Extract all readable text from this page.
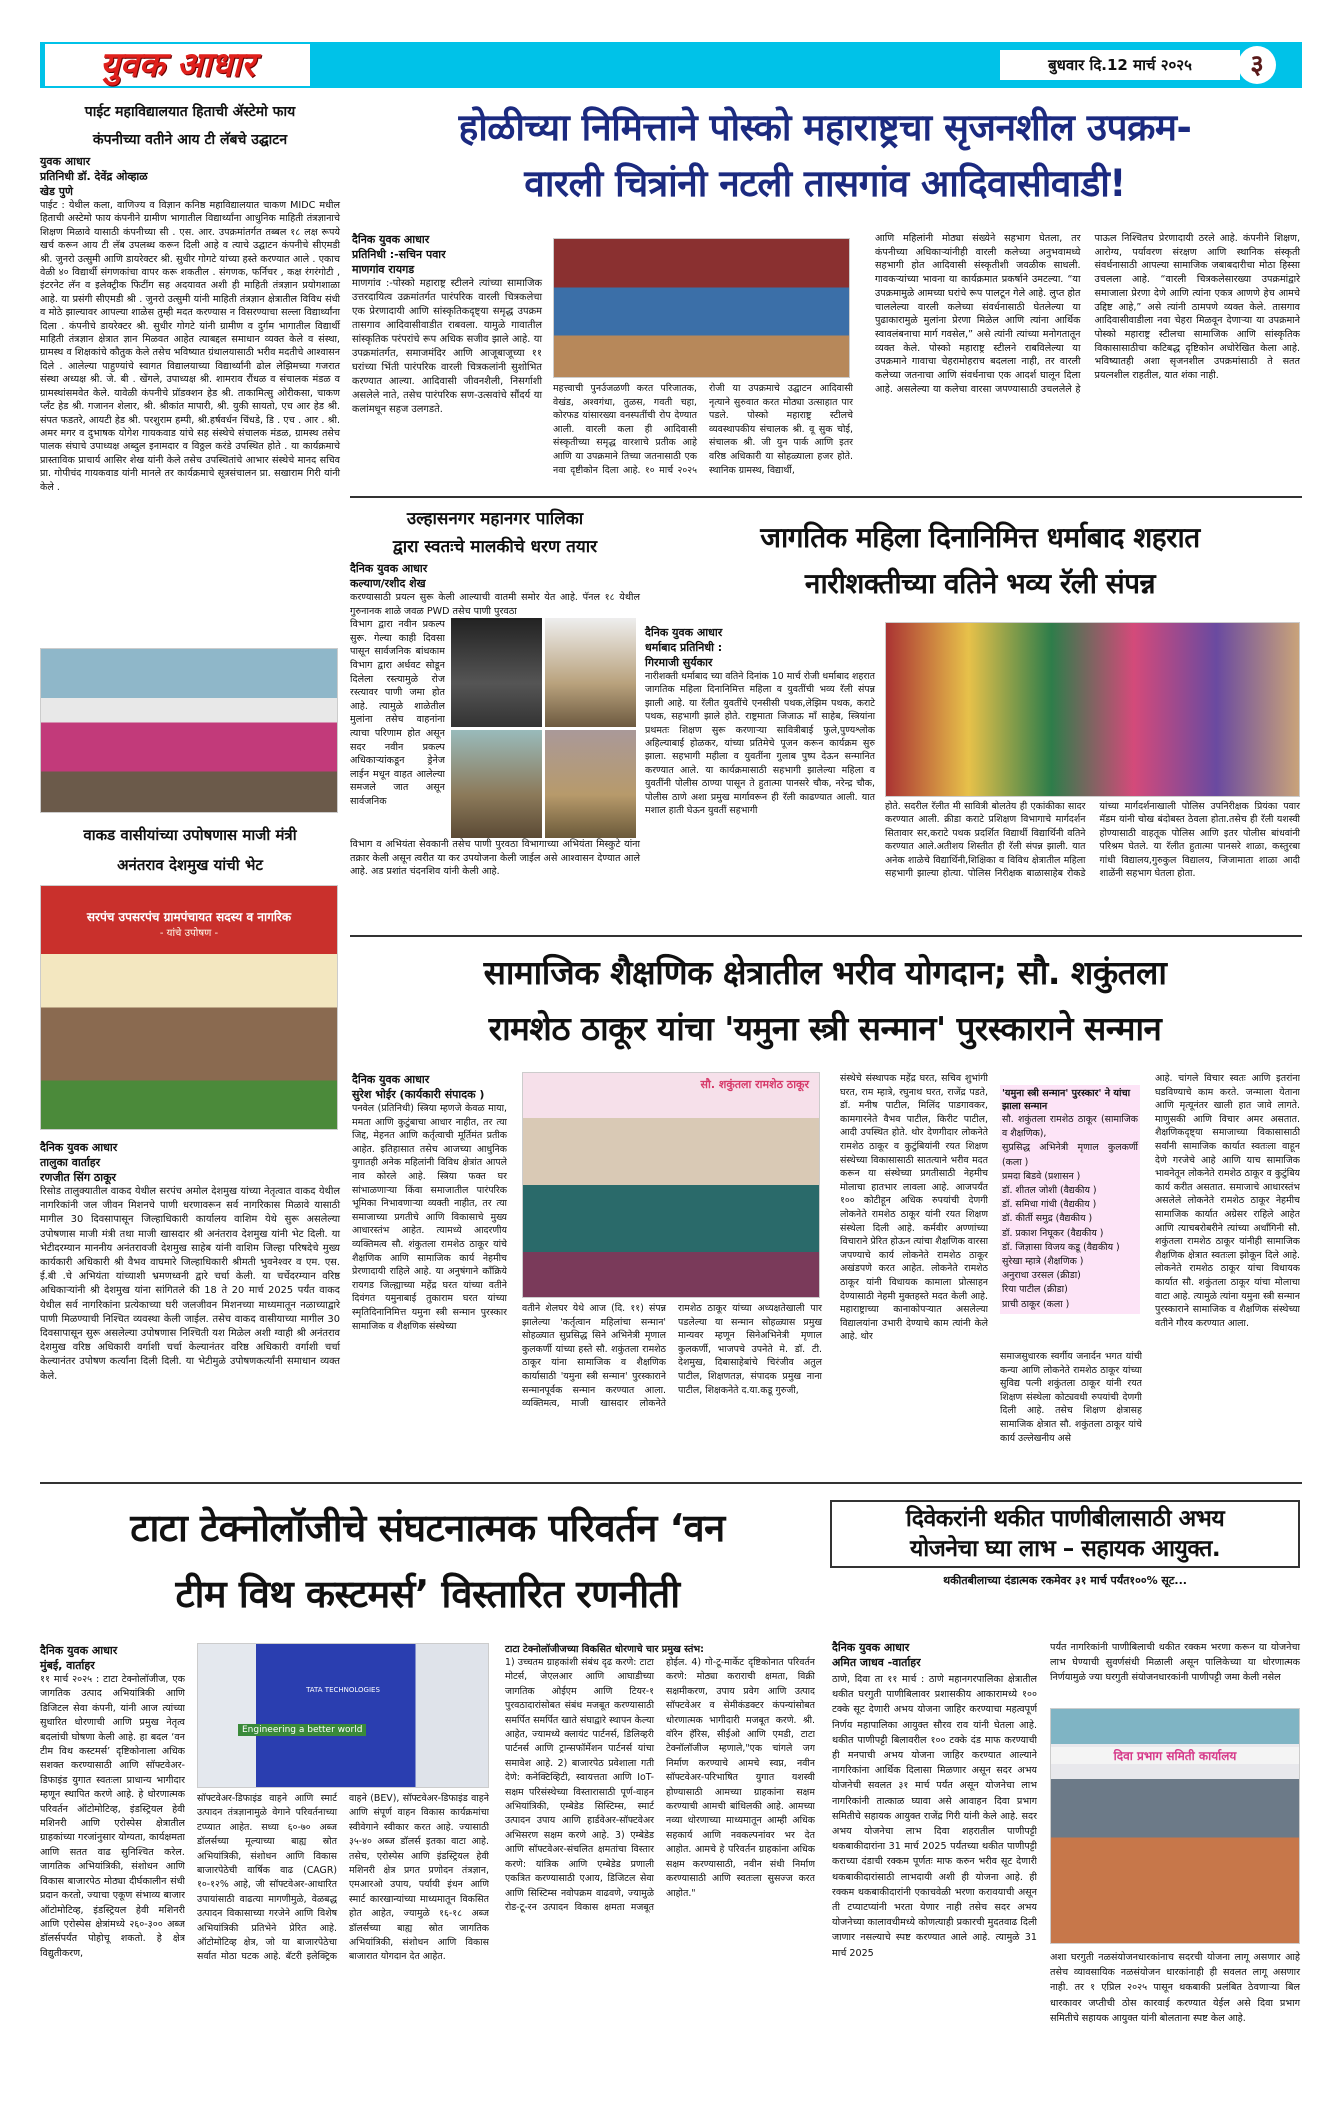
युवक आधार	बुधवार दि.12 मार्च २०२५	३
पाईट महाविद्यालयात हिताची ॲस्टेमो फाय
कंपनीच्या वतीने आय टी लॅबचे उद्घाटन
युवक आधार
प्रतिनिधी डॉ. देवेंद्र ओव्हाळ
खेड पुणे
पाईट : येथील कला, वाणिज्य व विज्ञान कनिष्ठ महाविद्यालयात चाकण MIDC मधील हिताची अस्टेमो फाय कंपनीने ग्रामीण भागातील विद्यार्थ्यांना आधुनिक माहिती तंत्रज्ञानाचे शिक्षण मिळावे यासाठी कंपनीच्या सी . एस. आर. उपक्रमांतर्गत तब्बल १८ लक्ष रूपये खर्च करून आय टी लॅब उपलब्ध करून दिली आहे व त्याचे उद्घाटन कंपनीचे सीएमडी श्री. जुनरो उत्सुमी आणि डायरेक्टर श्री. सुधीर गोगटे यांच्या हस्ते करण्यात आले . एकाच वेळी ४० विद्यार्थी संगणकांचा वापर करू शकतील . संगणक, फर्निचर , कक्ष रंगरंगोटी , इंटरनेट लॅन व इलेक्ट्रीक फिटींग सह अदयावत अशी ही माहिती तंत्रज्ञान प्रयोगशाळा आहे. या प्रसंगी सीएमडी श्री . जुनरो उत्सुमी यांनी माहिती तंत्रज्ञान क्षेत्रातील विविध संधी व मोठे झाल्यावर आपल्या शाळेस तुम्ही मदत करण्यास न विसरण्याचा सल्ला विद्यार्थ्यांना दिला . कंपनीचे डायरेक्टर श्री. सुधीर गोगटे यांनी ग्रामीण व दुर्गम भागातील विद्यार्थी माहिती तंत्रज्ञान क्षेत्रात ज्ञान मिळवत आहेत त्याबद्दल समाधान व्यक्त केले व संस्था, ग्रामस्थ व शिक्षकांचे कौतुक केले तसेच भविष्यात ग्रंथालयासाठी भरीव मदतीचे आश्वासन दिले . आलेल्या पाहुण्यांचे स्वागत विद्यालयाच्या विद्यार्थ्यांनी ढोल लेझिमच्या गजरात संस्था अध्यक्ष श्री. जे. बी . खेंगले, उपाध्यक्ष श्री. शामराव रौंधळ व संचालक मंडळ व ग्रामस्थांसमवेत केले. यावेळी कंपनीचे प्रॉडक्शन हेड श्री. ताकामित्सु ओरीकसा, चाकण प्लॅंट हेड श्री. गजानन शेलार, श्री. श्रीकांत मापारी, श्री. युकी सायतो, एच आर हेड श्री. संपत फडतरे, आयटी हेड श्री. परशुराम हम्पी, श्री.हर्षवर्धन चिंधडे, डि . एच . आर . श्री. अमर मगर व दुभाषक योगेश गायकवाड यांचे सह संस्थेचे संचालक मंडळ, ग्रामस्थ तसेच पालक संघाचे उपाध्यक्ष अब्दुल इनामदार व विठ्ठल करंडे उपस्थित होते . या कार्यक्रमाचे प्रास्ताविक प्राचार्य आसिर शेख यांनी केले तसेच उपस्थितांचे आभार संस्थेचे मानद सचिव प्रा. गोपीचंद गायकवाड यांनी मानले तर कार्यक्रमाचे सूत्रसंचालन प्रा. सखाराम गिरी यांनी केले .
वाकड वासीयांच्या उपोषणास माजी मंत्री
अनंतराव देशमुख यांची भेट
सरपंच उपसरपंच ग्रामपंचायत सदस्य व नागरिक
- यांचे उपोषण -
दैनिक युवक आधार
तालुका वार्ताहर
रणजीत सिंग ठाकूर
रिसोड तालुक्यातील वाकद येथील सरपंच अमोल देशमुख यांच्या नेतृत्वात वाकद येथील नागरिकांनी जल जीवन मिशनचे पाणी धरणावरून सर्व नागरिकास मिळावे यासाठी मागील 30 दिवसापासून जिल्हाधिकारी कार्यालय वाशिम येथे सुरू असलेल्या उपोषणास माजी मंत्री तथा माजी खासदार श्री अनंतराव देशमुख यांनी भेट दिली. या भेटीदरम्यान माननीय अनंतरावजी देशमुख साहेब यांनी वाशिम जिल्हा परिषदेचे मुख्य कार्यकारी अधिकारी श्री वैभव वाघमारे जिल्हाधिकारी श्रीमती भुवनेश्वर व एम. एस. ई.बी .चे अभियंता यांच्याशी भ्रमणध्वनी द्वारे चर्चा केली. या चर्चेदरम्यान वरिष्ठ अधिकाऱ्यांनी श्री देशमुख यांना सांगितले की 18 ते 20 मार्च 2025 पर्यंत वाकद येथील सर्व नागरिकांना प्रत्येकाच्या घरी जलजीवन मिशनच्या माध्यमातून नळाच्याद्वारे पाणी मिळण्याची निश्चित व्यवस्था केली जाईल. तसेच वाकद वासीयाच्या मागील 30 दिवसापासून सुरू असलेल्या उपोषणास निश्चिती यश मिळेल अशी ग्वाही श्री अनंतराव देशमुख वरिष्ठ अधिकारी वर्गाशी चर्चा केल्यानंतर वरिष्ठ अधिकारी वर्गाशी चर्चा केल्यानंतर उपोषण कर्त्यांना दिली दिली. या भेटीमुळे उपोषणकर्त्यांनी समाधान व्यक्त केले.
होळीच्या निमित्ताने पोस्को महाराष्ट्रचा सृजनशील उपक्रम-
वारली चित्रांनी नटली तासगांव आदिवासीवाडी!
दैनिक युवक आधार
प्रतिनिधी :-सचिन पवार
माणगांव रायगड
माणगांव :-पोस्को महाराष्ट्र स्टीलने त्यांच्या सामाजिक उत्तरदायित्व उक्रमांतर्गत पारंपरिक वारली चित्रकलेचा एक प्रेरणादायी आणि सांस्कृतिकदृष्ट्या समृद्ध उपक्रम तासगाव आदिवासीवाडीत राबवला. यामुळे गावातील सांस्कृतिक परंपरांचे रूप अधिक सजीव झाले आहे. या उपक्रमांतर्गत, समाजमंदिर आणि आजूबाजूच्या ११ घरांच्या भिंती पारंपरिक वारली चित्रकलांनी सुशोभित करण्यात आल्या. आदिवासी जीवनशैली, निसर्गाशी असलेले नाते, तसेच पारंपरिक सण-उत्सवांचे सौंदर्य या कलांमधून सहज उलगडते.
महत्त्वाची पुनर्उजळणी करत परिजातक, वेखंड, अश्वगंधा, तुळस, गवती चहा, कोरफड यांसारख्या वनस्पतींची रोप देण्यात आली. वारली कला ही आदिवासी संस्कृतीच्या समृद्ध वारशाचे प्रतीक आहे आणि या उपक्रमाने तिच्या जतनासाठी एक नवा दृष्टीकोन दिला आहे. १० मार्च २०२५ रोजी या उपक्रमाचे उद्घाटन आदिवासी नृत्याने सुरुवात करत मोठ्या उत्साहात पार पडले. पोस्को महाराष्ट्र स्टीलचे व्यवस्थापकीय संचालक श्री. वू सुक चोई, संचालक श्री. जी युन पार्क आणि इतर वरिष्ठ अधिकारी या सोहळ्याला हजर होते. स्थानिक ग्रामस्थ, विद्यार्थी,
आणि महिलांनी मोठ्या संख्येने सहभाग घेतला, तर कंपनीच्या अधिकाऱ्यांनीही वारली कलेच्या अनुभवामध्ये सहभागी होत आदिवासी संस्कृतीशी जवळीक साधली. गावकऱ्यांच्या भावना या कार्यक्रमात प्रकर्षाने उमटल्या. “या उपक्रमामुळे आमच्या घरांचे रूप पालटून गेले आहे. लुप्त होत चाललेल्या वारली कलेच्या संवर्धनासाठी घेतलेल्या या पुढाकारामुळे मुलांना प्रेरणा मिळेल आणि त्यांना आर्थिक स्वावलंबनाचा मार्ग गवसेल,” असे त्यांनी त्यांच्या मनोगतातून व्यक्त केले. पोस्को महाराष्ट्र स्टीलने राबविलेल्या या उपक्रमाने गावाचा चेहरामोहराच बदलला नाही, तर वारली कलेच्या जतनाचा आणि संवर्धनाचा एक आदर्श घालून दिला आहे. असलेल्या या कलेचा वारसा जपण्यासाठी उचललेले हे पाऊल निश्चितच प्रेरणादायी ठरले आहे. कंपनीने शिक्षण, आरोग्य, पर्यावरण संरक्षण आणि स्थानिक संस्कृती संवर्धनासाठी आपल्या सामाजिक जबाबदारीचा मोठा हिस्सा उचलला आहे. “वारली चित्रकलेसारख्या उपक्रमांद्वारे समाजाला प्रेरणा देणे आणि त्यांना एकत्र आणणे हेच आमचे उद्दिष्ट आहे,” असे त्यांनी ठामपणे व्यक्त केले. तासगाव आदिवासीवाडीला नवा चेहरा मिळवून देणाऱ्या या उपक्रमाने पोस्को महाराष्ट्र स्टीलचा सामाजिक आणि सांस्कृतिक विकासासाठीचा कटिबद्ध दृष्टिकोन अधोरेखित केला आहे. भविष्यातही अशा सृजनशील उपक्रमांसाठी ते सतत प्रयत्नशील राहतील, यात शंका नाही.
उल्हासनगर महानगर पालिका
द्वारा स्वतःचे मालकीचे धरण तयार
दैनिक युवक आधार
कल्याण/रशीद शेख
करण्यासाठी प्रयत्न सुरू केली आल्याची वातमी समोर येत आहे. पॅनल १८ येथील गुरुनानक शाळे जवळ PWD तसेच पाणी पुरवठा
विभाग द्वारा नवीन प्रकल्प सुरू. गेल्या काही दिवसा पासून सार्वजनिक बांधकाम विभाग द्वारा अर्धवट सोडून दिलेला रस्त्यामुळे रोज रस्त्यावर पाणी जमा होत आहे. त्यामुळे शाळेतील मुलांना तसेच वाहनांना त्याचा परिणाम होत असून सदर नवीन प्रकल्प अधिकाऱ्यांकडून ड्रेनेज लाईन मधून वाहत आलेल्या समजले जात असून सार्वजनिक
विभाग व अभियंता सेवकानी तसेच पाणी पुरवठा विभागाच्या अभियंता मिस्कुटे यांना तक्रार केली असून त्वरीत या कर उपयोजना केली जाईल असे आश्वासन देण्यात आले आहे. अड प्रशांत चंदनशिव यांनी केली आहे.
जागतिक महिला दिनानिमित्त धर्माबाद शहरात
नारीशक्तीच्या वतिने भव्य रॅली संपन्न
दैनिक युवक आधार
धर्माबाद प्रतिनिधी :
गिरमाजी सुर्यकार
नारीशक्ती धर्माबाद च्या वतिने दिनांक 10 मार्च रोजी धर्माबाद शहरात जागतिक महिला दिनानिमित्त महिला व युवतींची भव्य रॅली संपन्न झाली आहे. या रॅलीत युवतींचे एनसीसी पथक,लेझिम पथक, कराटे पथक, सहभागी झाले होते. राष्ट्रमाता जिजाऊ माँ साहेब, स्त्रियांना प्रथमतः शिक्षण सुरू करणाऱ्या सावित्रीबाई फुले,पुण्यश्लोक अहिल्याबाई होळकर, यांच्या प्रतिमेचे पूजन करून कार्यक्रम सुरु झाला. सहभागी महीला व युवतींना गुलाब पुष्प देऊन सन्मानित करण्यात आले. या कार्यक्रमासाठी सहभागी झालेल्या महिला व युवतींनी पोलीस ठाण्या पासून ते हुतात्मा पानसरे चौक, नरेन्द्र चौक, पोलीस ठाणे अशा प्रमुख मार्गावरून ही रॅली काढण्यात आली. यात मशाल हाती घेऊन युवतीं सहभागी	होते. सदरील रॅलीत मी सावित्री बोलतेय ही एकांकीका सादर करण्यात आली. क्रीडा कराटे प्रशिक्षण विभागाचे मार्गदर्शन सितावार सर,कराटे पथक प्रदर्शित विद्यार्थी विद्यार्थिनी वतिने करण्यात आले.अतीशय शिस्तीत ही रॅली संपन्न झाली. यात अनेक शाळेचे विद्यार्थिनी,शिक्षिका व विविध क्षेत्रातील महिला सहभागी झाल्या होत्या. पोलिस निरीक्षक बाळासाहेब रोकडे यांच्या मार्गदर्शनाखाली पोलिस उपनिरीक्षक प्रियंका पवार मॅडम यांनी चोख बंदोबस्त ठेवला होता.तसेच ही रॅली यशस्वी होण्यासाठी वाहतूक पोलिस आणि इतर पोलीस बांधवांनी परिश्रम घेतले. या रॅलीत हुतात्मा पानसरे शाळा, कस्तुरबा गांधी विद्यालय,गुरुकुल विद्यालय, जिजामाता शाळा आदी शाळेंनी सहभाग घेतला होता.
सामाजिक शैक्षणिक क्षेत्रातील भरीव योगदान; सौ. शकुंतला
रामशेठ ठाकूर यांचा 'यमुना स्त्री सन्मान' पुरस्काराने सन्मान
दैनिक युवक आधार
सुरेश भोईर (कार्यकारी संपादक )
पनवेल (प्रतिनिधी) स्त्रिया म्हणजे केवळ माया, ममता आणि कुटुंबाचा आधार नाहीत, तर त्या जिद्द, मेहनत आणि कर्तृत्वाची मूर्तिमंत प्रतीक आहेत. इतिहासात तसेच आजच्या आधुनिक युगातही अनेक महिलांनी विविध क्षेत्रांत आपले नाव कोरले आहे. स्त्रिया फक्त घर सांभाळणाऱ्या किंवा समाजातील पारंपरिक भूमिका निभावणाऱ्या व्यक्ती नाहीत, तर त्या समाजाच्या प्रगतीचे आणि विकासाचे मुख्य आधारस्तंभ आहेत. त्यामध्ये आदरणीय व्यक्तिमत्व सौ. शंकुतला रामशेठ ठाकूर यांचे शैक्षणिक आणि सामाजिक कार्य नेहमीच प्रेरणादायी राहिले आहे. या अनुषंगाने कॉंक्रिये रायगड जिल्ह्याच्या महेंद्र घरत यांच्या वतीने दिवंगत यमुनाबाई तुकाराम घरत यांच्या स्मृतिदिनानिमित्त यमुना स्त्री सन्मान पुरस्कार सामाजिक व शैक्षणिक संस्थेच्या
सौ. शकुंतला रामशेठ ठाकूर
वतीने शेलघर येथे आज (दि. ११) संपन्न झालेल्या 'कर्तृत्वान महिलांचा सन्मान' सोहळ्यात सुप्रसिद्ध सिने अभिनेत्री मृणाल कुलकर्णी यांच्या हस्ते सौ. शकुंतला रामशेठ ठाकूर यांना सामाजिक व शैक्षणिक कार्यासाठी 'यमुना स्त्री सन्मान' पुरस्काराने सन्मानपूर्वक सन्मान करण्यात आला. व्यक्तिमत्व, माजी खासदार लोकनेते रामशेठ ठाकूर यांच्या अध्यक्षतेखाली पार पडलेल्या या सन्मान सोहळ्यास प्रमुख मान्यवर म्हणून सिनेअभिनेत्री मृणाल कुलकर्णी, भाजपचे उपनेते मे. डॉ. टी. देशमुख, दिबासाहेबांचे चिरंजीव अतुल पाटील, शिक्षणतज्ञ, संपादक प्रमुख नाना पाटील, शिक्षकनेते द.या.कडू गुरुजी,
संस्थेचे संस्थापक महेंद्र घरत, सचिव शुभांगी घरत, राम म्हात्रे, रघुनाथ घरत, राजेंद्र पडते, डॉ. मनीष पाटील, मिलिंद पाडगावकर, कामगारनेते वैभव पाटील, किरीट पाटील, आदी उपस्थित होते. थोर देणगीदार लोकनेते रामशेठ ठाकूर व कुटुंबियांनी रयत शिक्षण संस्थेच्या विकासासाठी सातत्याने भरीव मदत करून या संस्थेच्या प्रगतीसाठी नेहमीच मोलाचा हातभार लावला आहे. आजपर्यंत १०० कोटीहून अधिक रुपयांची देणगी लोकनेते रामशेठ ठाकूर यांनी रयत शिक्षण संस्थेला दिली आहे. कर्मवीर अण्णांच्या विचाराने प्रेरित होऊन त्यांचा शैक्षणिक वारसा जपण्याचे कार्य लोकनेते रामशेठ ठाकूर अखंडपणे करत आहेत. लोकनेते रामशेठ ठाकूर यांनी विधायक कामाला प्रोत्साहन देण्यासाठी नेहमी मुक्तहस्ते मदत केली आहे. महाराष्ट्राच्या कानाकोपऱ्यात असलेल्या विद्यालयांना उभारी देण्याचे काम त्यांनी केले आहे. थोर
'यमुना स्त्री सन्मान' पुरस्कार' ने यांचा झाला सन्मान
सौ. शकुंतला रामशेठ ठाकूर (सामाजिक व शैक्षणिक),
सुप्रसिद्ध अभिनेत्री मृणाल कुलकर्णी (कला )
प्रमदा बिडवे (प्रशासन )
डॉ. शीतल जोशी (वैद्यकीय )
डॉ. समिधा गांधी (वैद्यकीय )
डॉ. कीर्ती समुद्र (वैद्यकीय )
डॉ. प्रकाश निघूकर (वैद्यकीय )
डॉ. जिज्ञासा विजय कडू (वैद्यकीय )
सुरेखा म्हात्रे (शैक्षणिक )
अनुराधा उरसल (क्रीडा)
रिया पाटील (क्रीडा)
प्राची ठाकूर (कला )
समाजसुधारक स्वर्गीय जनार्दन भगत यांची कन्या आणि लोकनेते रामशेठ ठाकूर यांच्या सुविद्य पत्नी शकुंतला ठाकूर यांनी रयत शिक्षण संस्थेला कोट्यवधी रुपयांची देणगी दिली आहे. तसेच शिक्षण क्षेत्रासह सामाजिक क्षेत्रात सौ. शकुंतला ठाकूर यांचे कार्य उल्लेखनीय असे
आहे. चांगले विचार स्वतः आणि इतरांना घडविण्याचे काम करते. जन्माला येताना आणि मृत्यूनंतर खाली हात जावे लागते. माणुसकी आणि विचार अमर असतात. शैक्षणिकदृष्ट्या समाजाच्या विकासासाठी सर्वांनी सामाजिक कार्यात स्वतःला वाहून देणे गरजेचे आहे आणि याच सामाजिक भावनेतून लोकनेते रामशेठ ठाकूर व कुटुंबिय कार्य करीत असतात. समाजाचे आधारस्तंभ असलेले लोकनेते रामशेठ ठाकूर नेहमीच सामाजिक कार्यात अग्रेसर राहिले आहेत आणि त्याचबरोबरीने त्यांच्या अर्धांगिनी सौ. शकुंतला रामशेठ ठाकूर यांनीही सामाजिक शैक्षणिक क्षेत्रात स्वतःला झोकून दिले आहे. लोकनेते रामशेठ ठाकूर यांचा विधायक कार्यात सौ. शकुंतला ठाकूर यांचा मोलाचा वाटा आहे. त्यामुळे त्यांना यमुना स्त्री सन्मान पुरस्काराने सामाजिक व शैक्षणिक संस्थेच्या वतीने गौरव करण्यात आला.
टाटा टेक्नोलॉजीचे संघटनात्मक परिवर्तन ‘वन
टीम विथ कस्टमर्स’ विस्तारित रणनीती
दैनिक युवक आधार
मुंबई, वार्ताहर
११ मार्च २०२५ : टाटा टेक्नोलॉजीज, एक जागतिक उत्पाद अभियांत्रिकी आणि डिजिटल सेवा कंपनी, यांनी आज त्यांच्या सुधारित धोरणाची आणि प्रमुख नेतृत्व बदलांची घोषणा केली आहे. हा बदल ‘वन टीम विथ कस्टमर्स’ दृष्टिकोनाला अधिक सशक्त करण्यासाठी आणि सॉफ्टवेअर-डिफाइंड युगात स्वतःला प्राधान्य भागीदार म्हणून स्थापित करणे आहे. हे धोरणात्मक परिवर्तन ऑटोमोटिव्ह, इंडस्ट्रियल हेवी मशिनरी आणि एरोस्पेस क्षेत्रातील ग्राहकांच्या गरजांनुसार योग्यता, कार्यक्षमता आणि सतत वाढ सुनिश्चित करेल. जागतिक अभियांत्रिकी, संशोधन आणि विकास बाजारपेठ मोठ्या दीर्घकालीन संधी प्रदान करतो, ज्याचा एकूण संभाव्य बाजार ऑटोमोटिव्ह, इंडस्ट्रियल हेवी मशिनरी आणि एरोस्पेस क्षेत्रांमध्ये २६०-३०० अब्ज डॉलर्सपर्यंत पोहोचू शकतो. हे क्षेत्र विद्युतीकरण,
TATA TECHNOLOGIES
Engineering a better world
सॉफ्टवेअर-डिफाइंड वाहने आणि स्मार्ट उत्पादन तंत्रज्ञानामुळे वेगाने परिवर्तनाच्या टप्प्यात आहेत. सध्या ६०-७० अब्ज डॉलर्सच्या मूल्याच्या बाह्य स्रोत अभियांत्रिकी, संशोधन आणि विकास बाजारपेठेची वार्षिक वाढ (CAGR) १०-१२% आहे, जी सॉफ्टवेअर-आधारित उपायांसाठी वाढत्या मागणीमुळे, वेळबद्ध उत्पादन विकासाच्या गरजेने आणि विशेष अभियांत्रिकी प्रतिभेने प्रेरित आहे. ऑटोमोटिव्ह क्षेत्र, जो या बाजारपेठेचा सर्वात मोठा घटक आहे. बॅटरी इलेक्ट्रिक वाहने (BEV), सॉफ्टवेअर-डिफाइंड वाहने आणि संपूर्ण वाहन विकास कार्यक्रमांचा स्वीवेगाने स्वीकार करत आहे. ज्यासाठी ३५-४० अब्ज डॉलर्स इतका वाटा आहे. तसेच, एरोस्पेस आणि इंडस्ट्रियल हेवी मशिनरी क्षेत्र प्रगत प्रणोदन तंत्रज्ञान, एमआरओ उपाय, पर्यायी इंधन आणि स्मार्ट कारखान्यांच्या माध्यमातून विकसित होत आहेत, ज्यामुळे १६-१८ अब्ज डॉलर्सच्या बाह्य स्रोत जागतिक अभियांत्रिकी, संशोधन आणि विकास बाजारात योगदान देत आहेत.
टाटा टेक्नोलॉजीजच्या विकसित धोरणाचे चार प्रमुख स्तंभ:
1) उच्चतम ग्राहकांशी संबंध दृढ करणे: टाटा मोटर्स, जेएलआर आणि आघाडीच्या जागतिक ओईएम आणि टियर-१ पुरवठादारांसोबत संबंध मजबूत करण्यासाठी समर्पित समर्पित खाते संघाद्वारे स्थापन केल्या आहेत, ज्यामध्ये क्लायंट पार्टनर्स, डिलिव्हरी पार्टनर्स आणि ट्रान्सफॉर्मेशन पार्टनर्स यांचा समावेश आहे. 2) बाजारपेठ प्रवेशाला गती देणे: कनेक्टिव्हिटी, स्वायत्तता आणि IoT-सक्षम परिसंस्थेच्या विस्तारासाठी पूर्ण-वाहन अभियांत्रिकी, एम्बेडेड सिस्टिम्स, स्मार्ट उत्पादन उपाय आणि हार्डवेअर-सॉफ्टवेअर अभिसरण सक्षम करणे आहे. 3) एम्बेडेड आणि सॉफ्टवेअर-संचलित क्षमतांचा विस्तार करणे: यांत्रिक आणि एम्बेडेड प्रणाली एकत्रित करण्यासाठी एआय, डिजिटल सेवा आणि सिस्टिम्स नवोपक्रम वाढवणे, ज्यामुळे रोड-टू-रन उत्पादन विकास क्षमता मजबूत होईल. 4) गो-टू-मार्केट दृष्टिकोनात परिवर्तन करणे: मोठ्या कराराची क्षमता, विक्री सक्षमीकरण, उपाय प्रवेग आणि उत्पाद सॉफ्टवेअर व सेमीकंडक्टर कंपन्यांसोबत धोरणात्मक भागीदारी मजबूत करणे. श्री. वॉरेन हॅरिस, सीईओ आणि एमडी, टाटा टेक्नॉलॉजीज म्हणाले,"एक चांगले जग निर्माण करण्याचे आमचे स्वप्न, नवीन सॉफ्टवेअर-परिभाषित युगात यशस्वी होण्यासाठी आमच्या ग्राहकांना सक्षम करण्याची आमची बांधिलकी आहे. आमच्या नव्या धोरणाच्या माध्यमातून आम्ही अधिक सहकार्य आणि नवकल्पनांवर भर देत आहोत. आमचे हे परिवर्तन ग्राहकांना अधिक सक्षम करण्यासाठी, नवीन संधी निर्माण करण्यासाठी आणि स्वतःला सुसज्ज करत आहोत."
दिवेकरांनी थकीत पाणीबीलासाठी अभय
योजनेचा घ्या लाभ – सहायक आयुक्त.
थकीतबीलाच्या दंडात्मक रकमेवर ३१ मार्च पर्यंत१००% सूट...
दैनिक युवक आधार
अमित जाधव -वार्ताहर
ठाणे, दिवा ता ११ मार्च : ठाणे महानगरपालिका क्षेत्रातील थकीत घरगुती पाणीबिलावर प्रशासकीय आकारामध्ये १०० टक्के सूट देणारी अभय योजना जाहिर करण्याचा महत्वपूर्ण निर्णय महापालिका आयुक्त सौरव राव यांनी घेतला आहे. थकीत पाणीपट्टी बिलावरील १०० टक्के दंड माफ करण्याची ही मनपाची अभय योजना जाहिर करण्यात आल्याने नागरिकांना आर्थिक दिलासा मिळणार असून सदर अभय योजनेची सवलत ३१ मार्च पर्यंत असून योजनेचा लाभ नागरिकांनी तात्काळ घ्यावा असे आवाहन दिवा प्रभाग समितीचे सहायक आयुक्त राजेंद्र गिरी यांनी केले आहे. सदर अभय योजनेचा लाभ दिवा शहरातील पाणीपट्टी थकबाकीदारांना 31 मार्च 2025 पर्यंतच्या थकीत पाणीपट्टी कराच्या दंडाची रक्कम पूर्णतः माफ करुन भरीव सूट देणारी थकबाकीदारांसाठी लाभदायी अशी ही योजना आहे. ही रक्कम थकबाकीदारांनी एकाचवेळी भरणा करावयाची असून ती टप्याटप्यांनी भरता येणार नाही तसेच सदर अभय योजनेच्या कालावधीमध्ये कोणत्याही प्रकारची मुदतवाढ दिली जाणार नसल्याचे स्पष्ट करण्यात आले आहे. त्यामुळे 31 मार्च 2025
पर्यंत नागरिकांनी पाणीबिलाची थकीत रक्कम भरणा करून या योजनेचा लाभ घेण्याची सुवर्णसंधी मिळाली असून पालिकेच्या या धोरणात्मक निर्णयामुळे ज्या घरगुती संयोजनधारकांनी पाणीपट्टी जमा केली नसेल
दिवा प्रभाग समिती कार्यालय
अशा घरगुती नळसंयोजनधारकांनाच सदरची योजना लागू असणार आहे तसेच व्यावसायिक नळसंयोजन धारकांनाही ही सवलत लागू असणार नाही. तर १ एप्रिल २०२५ पासून थकबाकी प्रलंबित ठेवणाऱ्या बिल धारकावर जप्तीची ठोस कारवाई करण्यात येईल असे दिवा प्रभाग समितीचे सहायक आयुक्त यांनी बोलताना स्पष्ट केल आहे.
